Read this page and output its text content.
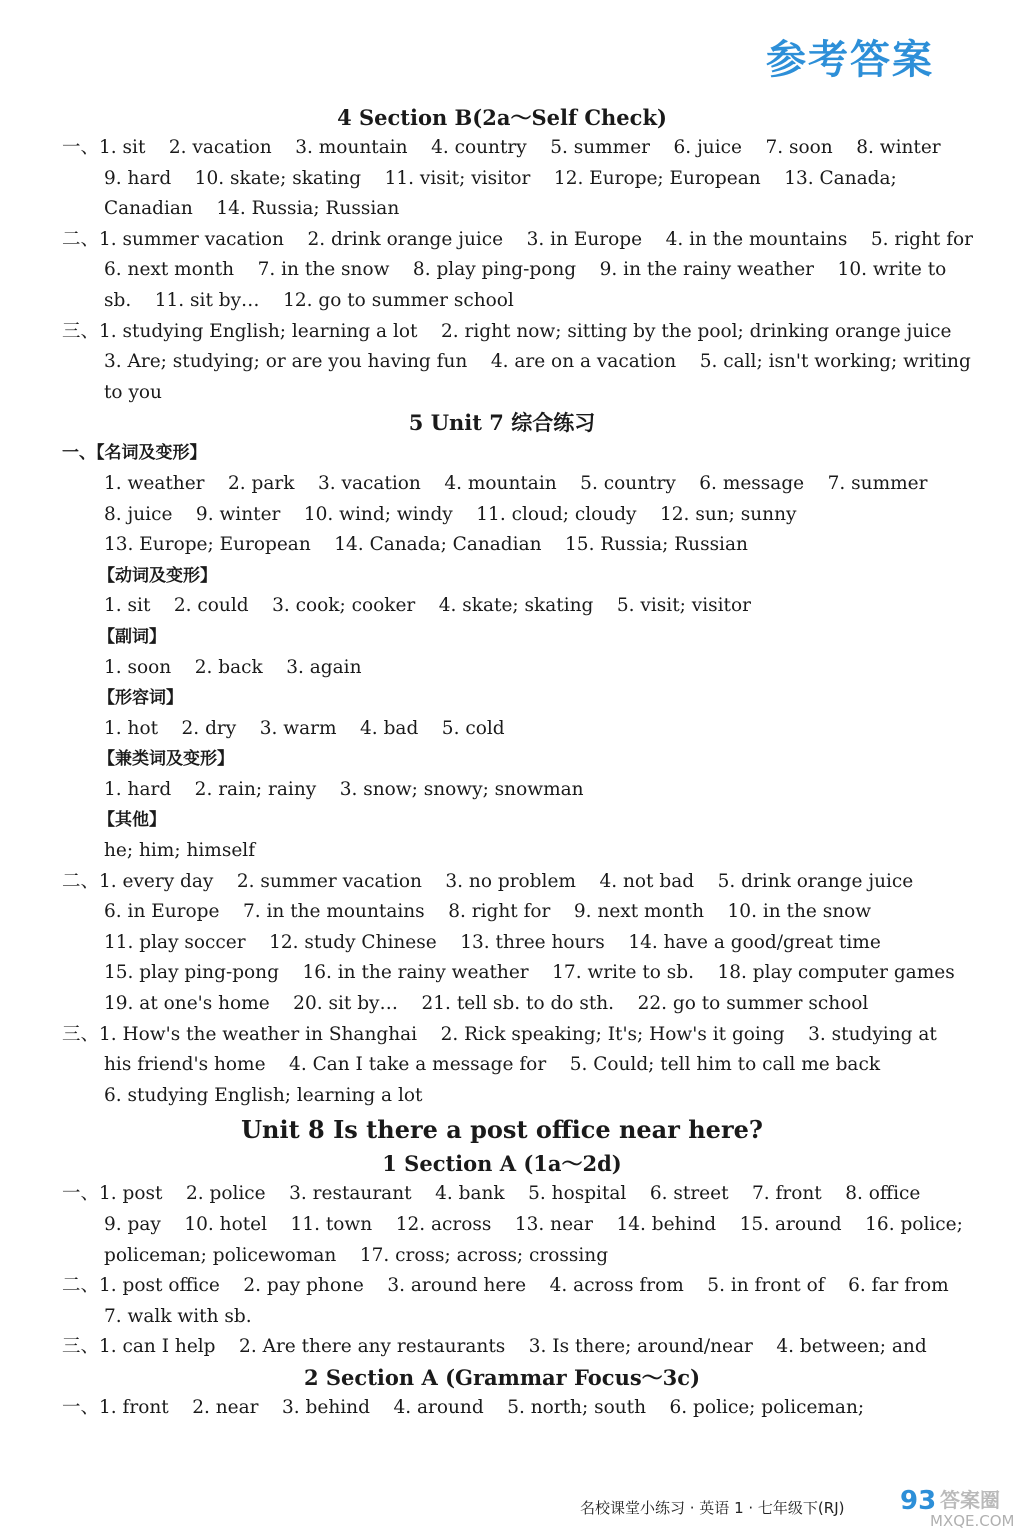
参考答案
4 Section B(2a～Self Check)
一、1. sit    2. vacation    3. mountain    4. country    5. summer    6. juice    7. soon    8. winter
9. hard    10. skate; skating    11. visit; visitor    12. Europe; European    13. Canada;
Canadian    14. Russia; Russian
二、1. summer vacation    2. drink orange juice    3. in Europe    4. in the mountains    5. right for
6. next month    7. in the snow    8. play ping-pong    9. in the rainy weather    10. write to
sb.    11. sit by…    12. go to summer school
三、1. studying English; learning a lot    2. right now; sitting by the pool; drinking orange juice
3. Are; studying; or are you having fun    4. are on a vacation    5. call; isn't working; writing
to you
5 Unit 7 综合练习
一、【名词及变形】
1. weather    2. park    3. vacation    4. mountain    5. country    6. message    7. summer
8. juice    9. winter    10. wind; windy    11. cloud; cloudy    12. sun; sunny
13. Europe; European    14. Canada; Canadian    15. Russia; Russian
【动词及变形】
1. sit    2. could    3. cook; cooker    4. skate; skating    5. visit; visitor
【副词】
1. soon    2. back    3. again
【形容词】
1. hot    2. dry    3. warm    4. bad    5. cold
【兼类词及变形】
1. hard    2. rain; rainy    3. snow; snowy; snowman
【其他】
he; him; himself
二、1. every day    2. summer vacation    3. no problem    4. not bad    5. drink orange juice
6. in Europe    7. in the mountains    8. right for    9. next month    10. in the snow
11. play soccer    12. study Chinese    13. three hours    14. have a good/great time
15. play ping-pong    16. in the rainy weather    17. write to sb.    18. play computer games
19. at one's home    20. sit by…    21. tell sb. to do sth.    22. go to summer school
三、1. How's the weather in Shanghai    2. Rick speaking; It's; How's it going    3. studying at
his friend's home    4. Can I take a message for    5. Could; tell him to call me back
6. studying English; learning a lot
Unit 8 Is there a post office near here?
1 Section A (1a～2d)
一、1. post    2. police    3. restaurant    4. bank    5. hospital    6. street    7. front    8. office
9. pay    10. hotel    11. town    12. across    13. near    14. behind    15. around    16. police;
policeman; policewoman    17. cross; across; crossing
二、1. post office    2. pay phone    3. around here    4. across from    5. in front of    6. far from
7. walk with sb.
三、1. can I help    2. Are there any restaurants    3. Is there; around/near    4. between; and
2 Section A (Grammar Focus～3c)
一、1. front    2. near    3. behind    4. around    5. north; south    6. police; policeman;
名校课堂小练习 · 英语 1 · 七年级下(RJ) 93 答案圈
MXQE.COM
